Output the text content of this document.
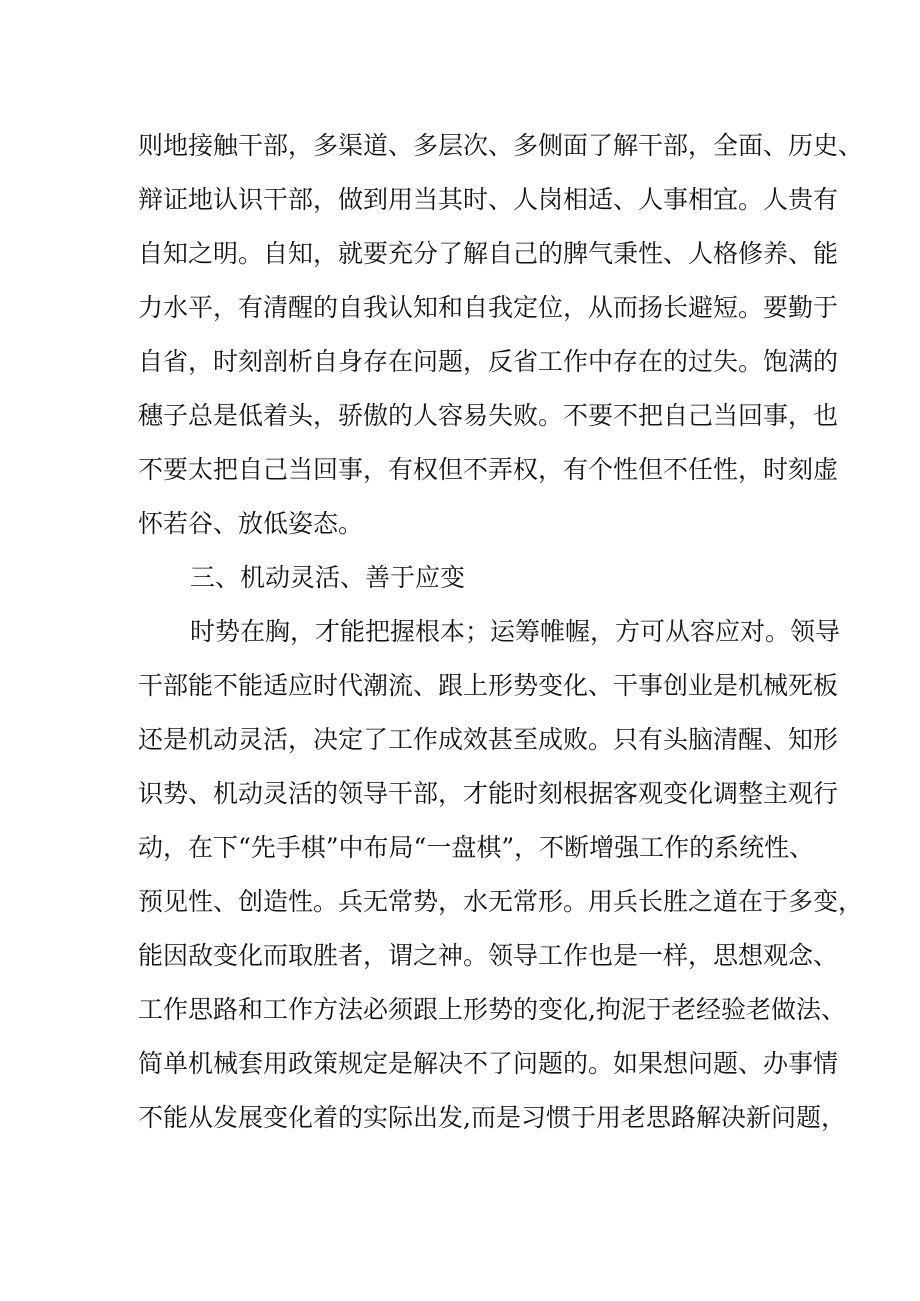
则地接触干部，多渠道、多层次、多侧面了解干部，全面、历史、
辩证地认识干部，做到用当其时、人岗相适、人事相宜。人贵有
自知之明。自知，就要充分了解自己的脾气秉性、人格修养、能
力水平，有清醒的自我认知和自我定位，从而扬长避短。要勤于
自省，时刻剖析自身存在问题，反省工作中存在的过失。饱满的
穗子总是低着头，骄傲的人容易失败。不要不把自己当回事，也
不要太把自己当回事，有权但不弄权，有个性但不任性，时刻虚
怀若谷、放低姿态。
三、机动灵活、善于应变
时势在胸，才能把握根本；运筹帷幄，方可从容应对。领导
干部能不能适应时代潮流、跟上形势变化、干事创业是机械死板
还是机动灵活，决定了工作成效甚至成败。只有头脑清醒、知形
识势、机动灵活的领导干部，才能时刻根据客观变化调整主观行
动，在下“先手棋”中布局“一盘棋”，不断增强工作的系统性、
预见性、创造性。兵无常势，水无常形。用兵长胜之道在于多变，
能因敌变化而取胜者，谓之神。领导工作也是一样，思想观念、
工作思路和工作方法必须跟上形势的变化,拘泥于老经验老做法、
简单机械套用政策规定是解决不了问题的。如果想问题、办事情
不能从发展变化着的实际出发,而是习惯于用老思路解决新问题，
